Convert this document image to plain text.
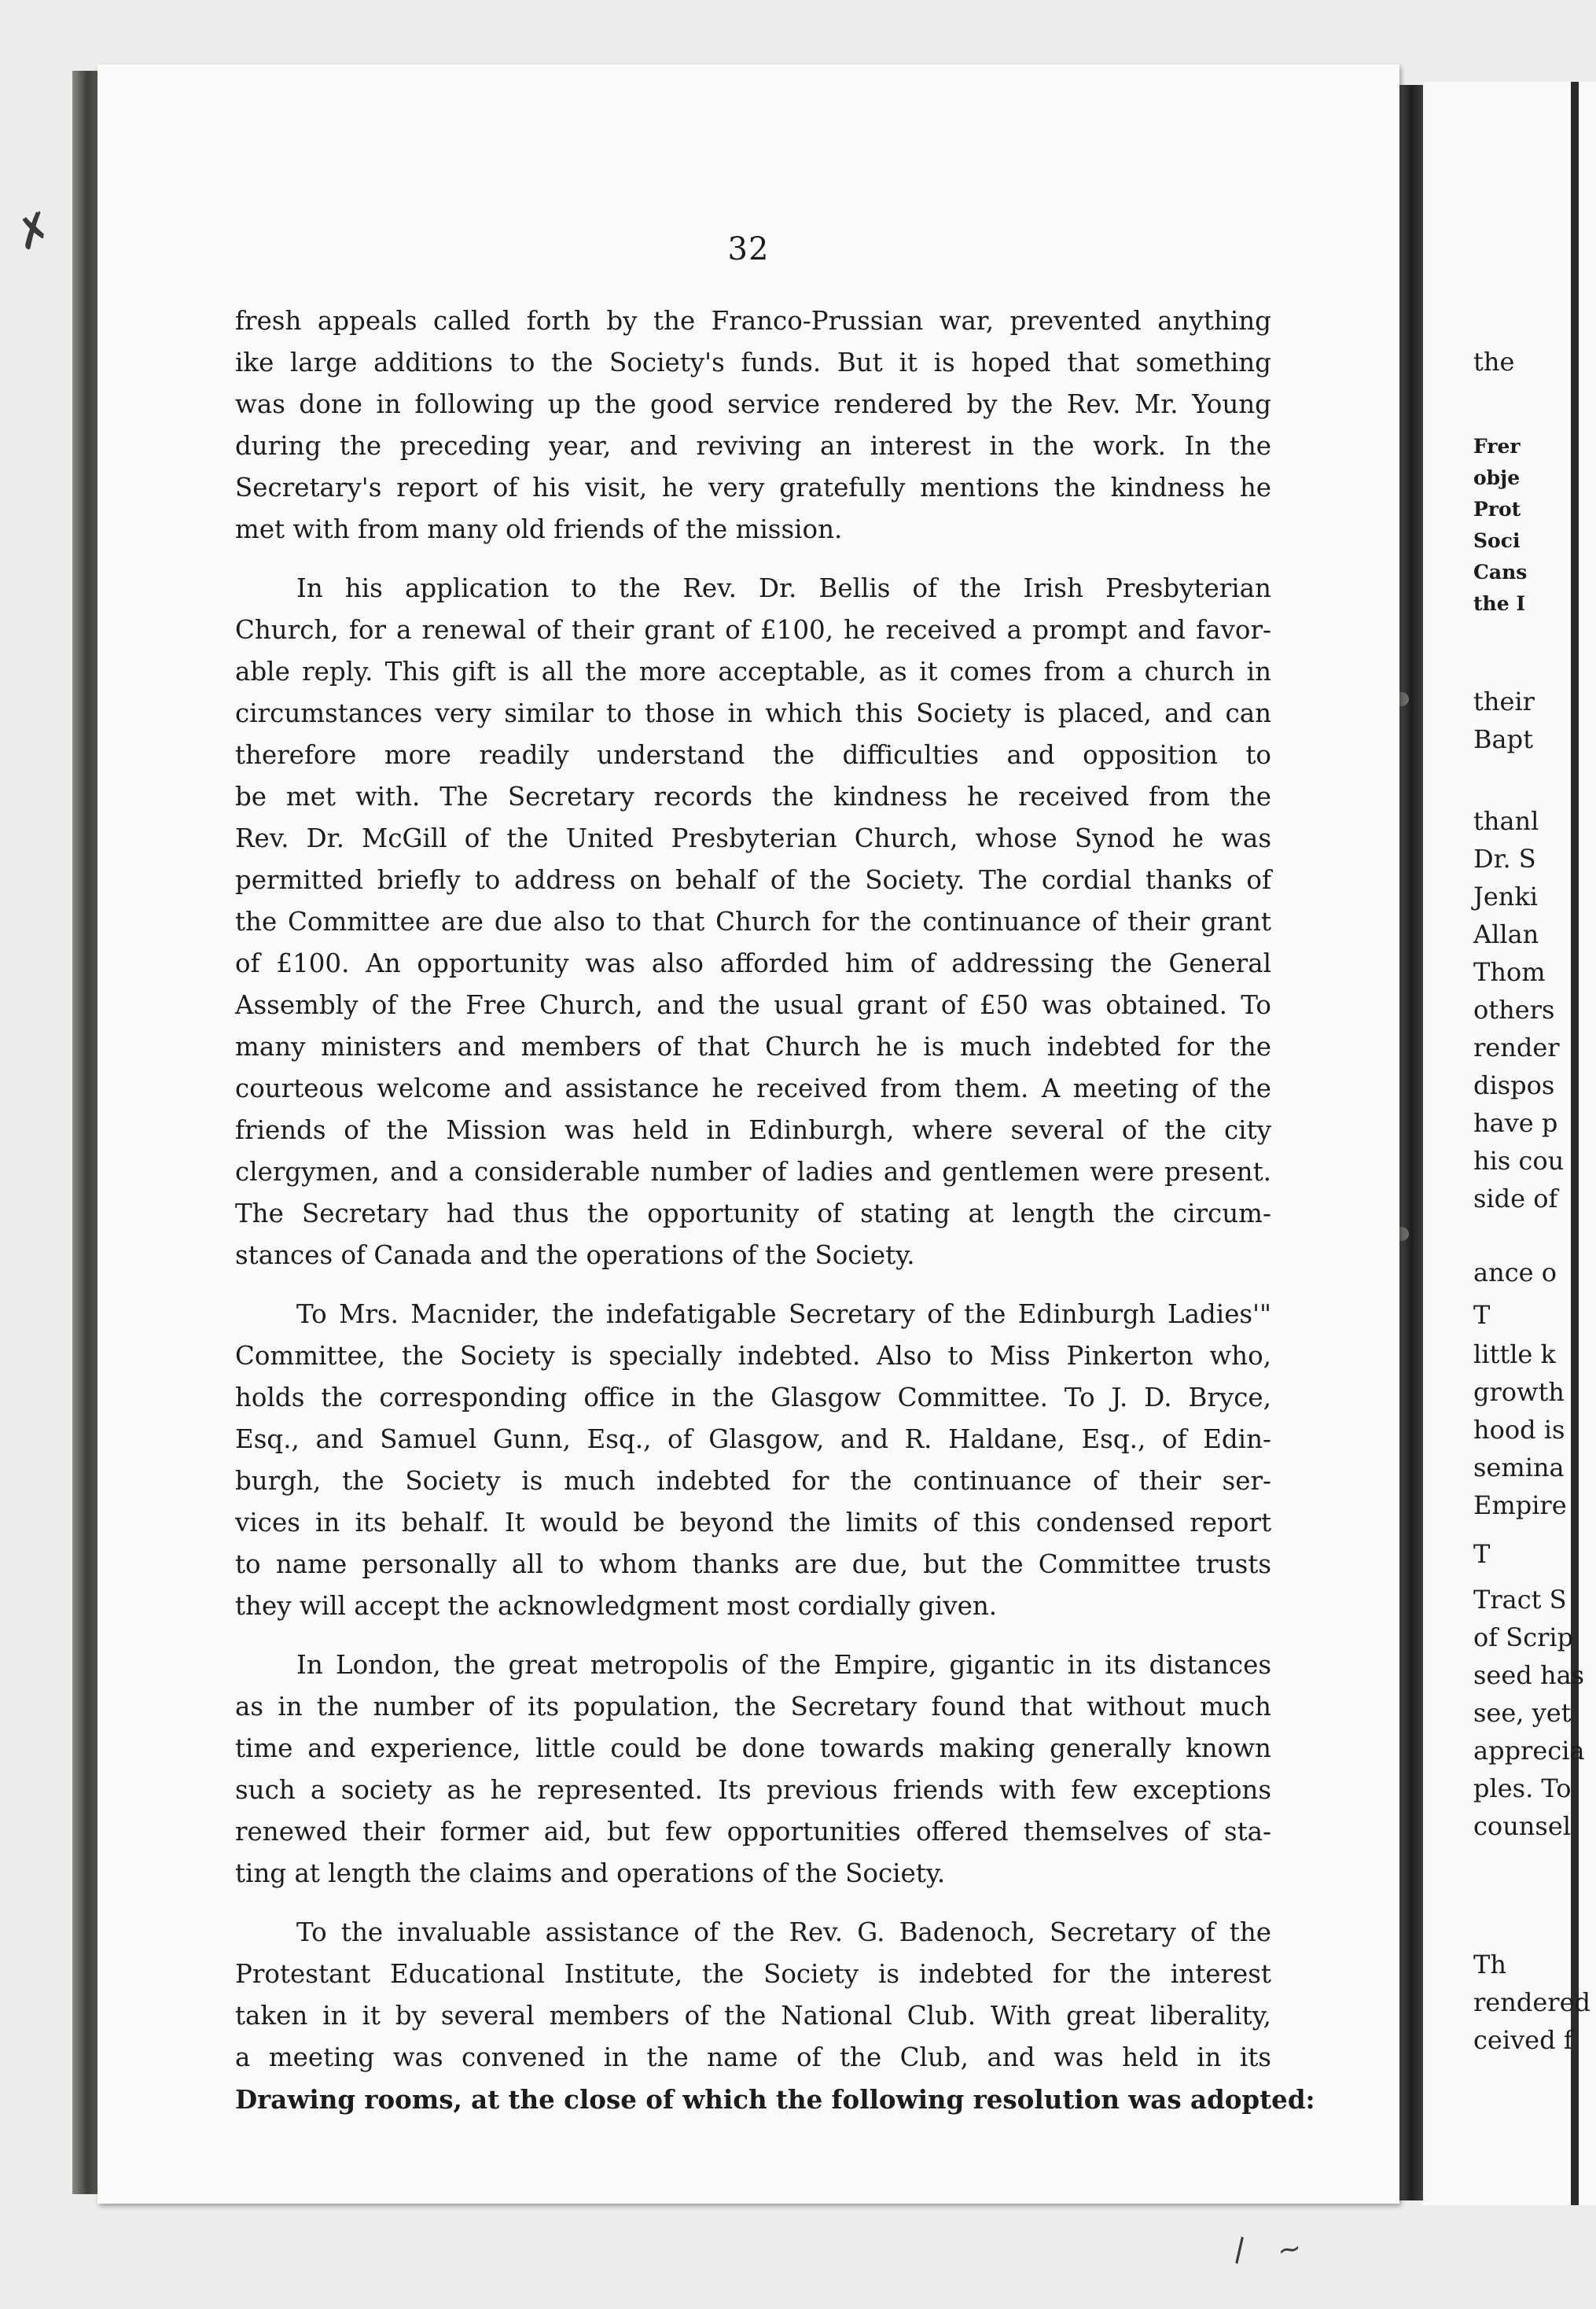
✗
\ ~
32

fresh appeals called forth by the Franco-Prussian war, prevented anything
ike large additions to the Society's funds. But it is hoped that something
was done in following up the good service rendered by the Rev. Mr. Young
during the preceding year, and reviving an interest in the work. In the
Secretary's report of his visit, he very gratefully mentions the kindness he
met with from many old friends of the mission.

In his application to the Rev. Dr. Bellis of the Irish Presbyterian
Church, for a renewal of their grant of £100, he received a prompt and favor-
able reply. This gift is all the more acceptable, as it comes from a church in
circumstances very similar to those in which this Society is placed, and can
therefore more readily understand the difficulties and opposition to
be met with. The Secretary records the kindness he received from the
Rev. Dr. McGill of the United Presbyterian Church, whose Synod he was
permitted briefly to address on behalf of the Society. The cordial thanks of
the Committee are due also to that Church for the continuance of their grant
of £100. An opportunity was also afforded him of addressing the General
Assembly of the Free Church, and the usual grant of £50 was obtained. To
many ministers and members of that Church he is much indebted for the
courteous welcome and assistance he received from them. A meeting of the
friends of the Mission was held in Edinburgh, where several of the city
clergymen, and a considerable number of ladies and gentlemen were present.
The Secretary had thus the opportunity of stating at length the circum-
stances of Canada and the operations of the Society.

To Mrs. Macnider, the indefatigable Secretary of the Edinburgh Ladies'"
Committee, the Society is specially indebted. Also to Miss Pinkerton who,
holds the corresponding office in the Glasgow Committee. To J. D. Bryce,
Esq., and Samuel Gunn, Esq., of Glasgow, and R. Haldane, Esq., of Edin-
burgh, the Society is much indebted for the continuance of their ser-
vices in its behalf. It would be beyond the limits of this condensed report
to name personally all to whom thanks are due, but the Committee trusts
they will accept the acknowledgment most cordially given.

In London, the great metropolis of the Empire, gigantic in its distances
as in the number of its population, the Secretary found that without much
time and experience, little could be done towards making generally known
such a society as he represented. Its previous friends with few exceptions
renewed their former aid, but few opportunities offered themselves of sta-
ting at length the claims and operations of the Society.

To the invaluable assistance of the Rev. G. Badenoch, Secretary of the
Protestant Educational Institute, the Society is indebted for the interest
taken in it by several members of the National Club. With great liberality,
a meeting was convened in the name of the Club, and was held in its
Drawing rooms, at the close of which the following resolution was adopted:

the
Frer
obje
Prot
Soci
Cans
the I
their
Bapt
thanl
Dr. S
Jenki
Allan
Thom
others
render
dispos
have p
his cou
side of
ance o
T
little k
growth
hood is
semina
Empire
T
Tract S
of Scrip
seed has
see, yet
apprecia
ples. To
counsel
Th
rendered
ceived f
